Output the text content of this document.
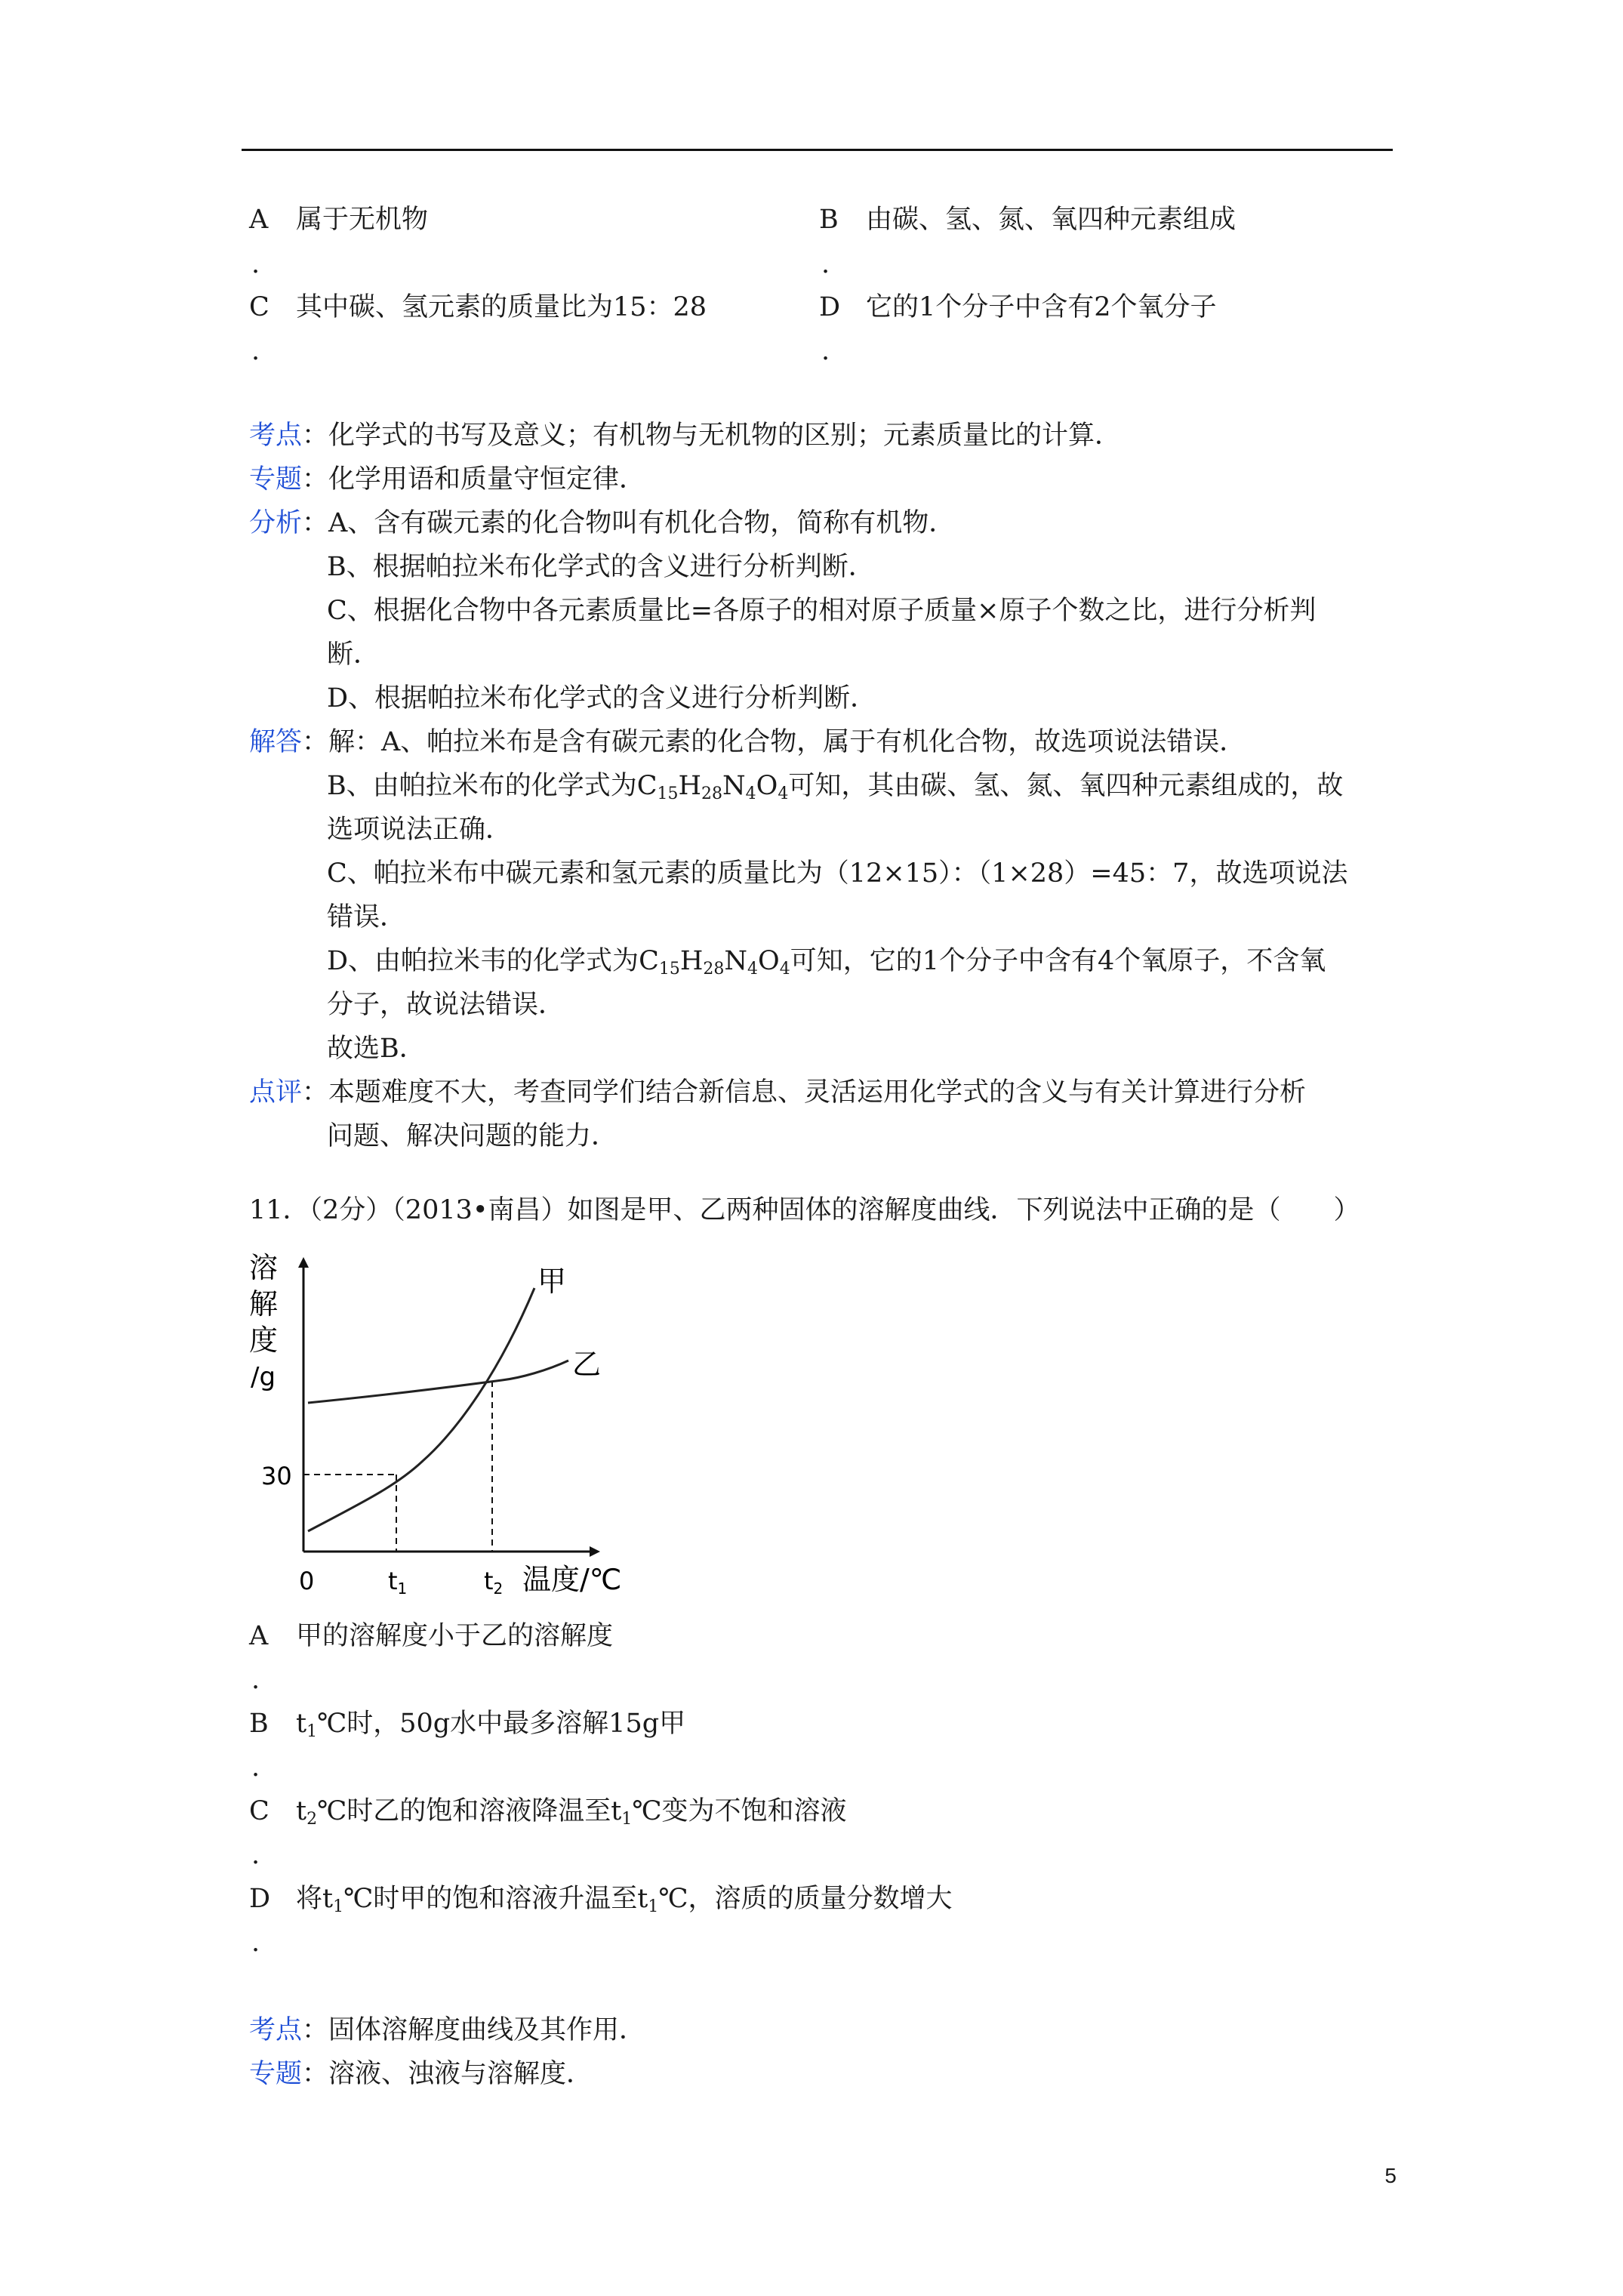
A 属于无机物
.
B 由碳、氢、氮、氧四种元素组成
.
C 其中碳、氢元素的质量比为15：28
.
D 它的1个分子中含有2个氧分子
.
考点：化学式的书写及意义；有机物与无机物的区别；元素质量比的计算．
专题：化学用语和质量守恒定律．
分析：A、含有碳元素的化合物叫有机化合物，简称有机物．
B、根据帕拉米布化学式的含义进行分析判断．
C、根据化合物中各元素质量比=各原子的相对原子质量×原子个数之比，进行分析判
断．
D、根据帕拉米布化学式的含义进行分析判断．
解答：解：A、帕拉米布是含有碳元素的化合物，属于有机化合物，故选项说法错误．
B、由帕拉米布的化学式为$C_{15}H_{28}N_4O_4$可知，其由碳、氢、氮、氧四种元素组成的，故
选项说法正确．
C、帕拉米布中碳元素和氢元素的质量比为（12×15）：（1×28）=45：7，故选项说法
错误．
D、由帕拉米韦的化学式为$C_{15}H_{28}N_4O_4$可知，它的1个分子中含有4个氧原子，不含氧
分子，故说法错误．
故选B．
点评：本题难度不大，考查同学们结合新信息、灵活运用化学式的含义与有关计算进行分析
问题、解决问题的能力．
11．（2分）（2013•南昌）如图是甲、乙两种固体的溶解度曲线．下列说法中正确的是（　　）
溶
解
度
/g
甲
乙
30
0	t1	t2 温度/℃
A 甲的溶解度小于乙的溶解度
.
B $t_1℃$时，50g水中最多溶解15g甲
.
C $t_2℃$时乙的饱和溶液降温至$t_1℃$变为不饱和溶液
.
D 将$t_1℃$时甲的饱和溶液升温至$t_1℃$，溶质的质量分数增大
.
考点：固体溶解度曲线及其作用．
专题：溶液、浊液与溶解度．
5
